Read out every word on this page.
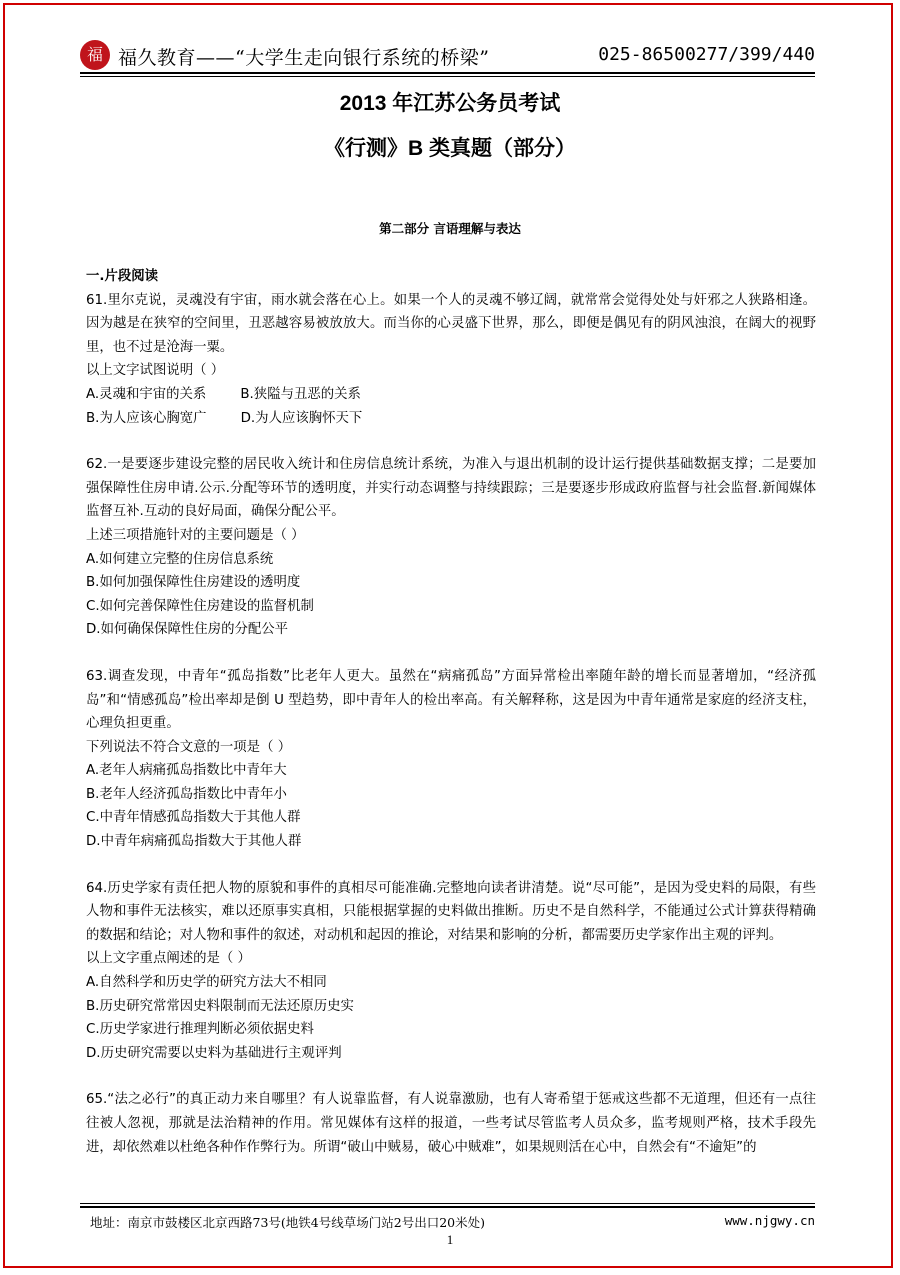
福 福久教育——“大学生走向银行系统的桥梁”	025-86500277/399/440
2013 年江苏公务员考试
《行测》B 类真题（部分）
第二部分 言语理解与表达
一.片段阅读
61.里尔克说，灵魂没有宇宙，雨水就会落在心上。如果一个人的灵魂不够辽阔，就常常会觉得处处与奸邪之人狭路相逢。因为越是在狭窄的空间里，丑恶越容易被放放大。而当你的心灵盛下世界，那么，即便是偶见有的阴风浊浪，在阔大的视野里，也不过是沧海一粟。
以上文字试图说明（ ）
A.灵魂和宇宙的关系        B.狭隘与丑恶的关系
B.为人应该心胸宽广        D.为人应该胸怀天下
62.一是要逐步建设完整的居民收入统计和住房信息统计系统，为准入与退出机制的设计运行提供基础数据支撑；二是要加强保障性住房申请.公示.分配等环节的透明度，并实行动态调整与持续跟踪；三是要逐步形成政府监督与社会监督.新闻媒体监督互补.互动的良好局面，确保分配公平。
上述三项措施针对的主要问题是（ ）
A.如何建立完整的住房信息系统
B.如何加强保障性住房建设的透明度
C.如何完善保障性住房建设的监督机制
D.如何确保保障性住房的分配公平
63.调查发现，中青年“孤岛指数”比老年人更大。虽然在“病痛孤岛”方面异常检出率随年龄的增长而显著增加，“经济孤岛”和“情感孤岛”检出率却是倒 U 型趋势，即中青年人的检出率高。有关解释称，这是因为中青年通常是家庭的经济支柱，心理负担更重。
下列说法不符合文意的一项是（ ）
A.老年人病痛孤岛指数比中青年大
B.老年人经济孤岛指数比中青年小
C.中青年情感孤岛指数大于其他人群
D.中青年病痛孤岛指数大于其他人群
64.历史学家有责任把人物的原貌和事件的真相尽可能准确.完整地向读者讲清楚。说“尽可能”，是因为受史料的局限，有些人物和事件无法核实，难以还原事实真相，只能根据掌握的史料做出推断。历史不是自然科学，不能通过公式计算获得精确的数据和结论；对人物和事件的叙述，对动机和起因的推论，对结果和影响的分析，都需要历史学家作出主观的评判。
以上文字重点阐述的是（ ）
A.自然科学和历史学的研究方法大不相同
B.历史研究常常因史料限制而无法还原历史实
C.历史学家进行推理判断必须依据史料
D.历史研究需要以史料为基础进行主观评判
65.“法之必行”的真正动力来自哪里？有人说靠监督，有人说靠激励，也有人寄希望于惩戒这些都不无道理，但还有一点往往被人忽视，那就是法治精神的作用。常见媒体有这样的报道，一些考试尽管监考人员众多，监考规则严格，技术手段先进，却依然难以杜绝各种作作弊行为。所谓“破山中贼易，破心中贼难”，如果规则活在心中，自然会有“不逾矩”的
地址：南京市鼓楼区北京西路73号(地铁4号线草场门站2号出口20米处)	www.njgwy.cn
1
